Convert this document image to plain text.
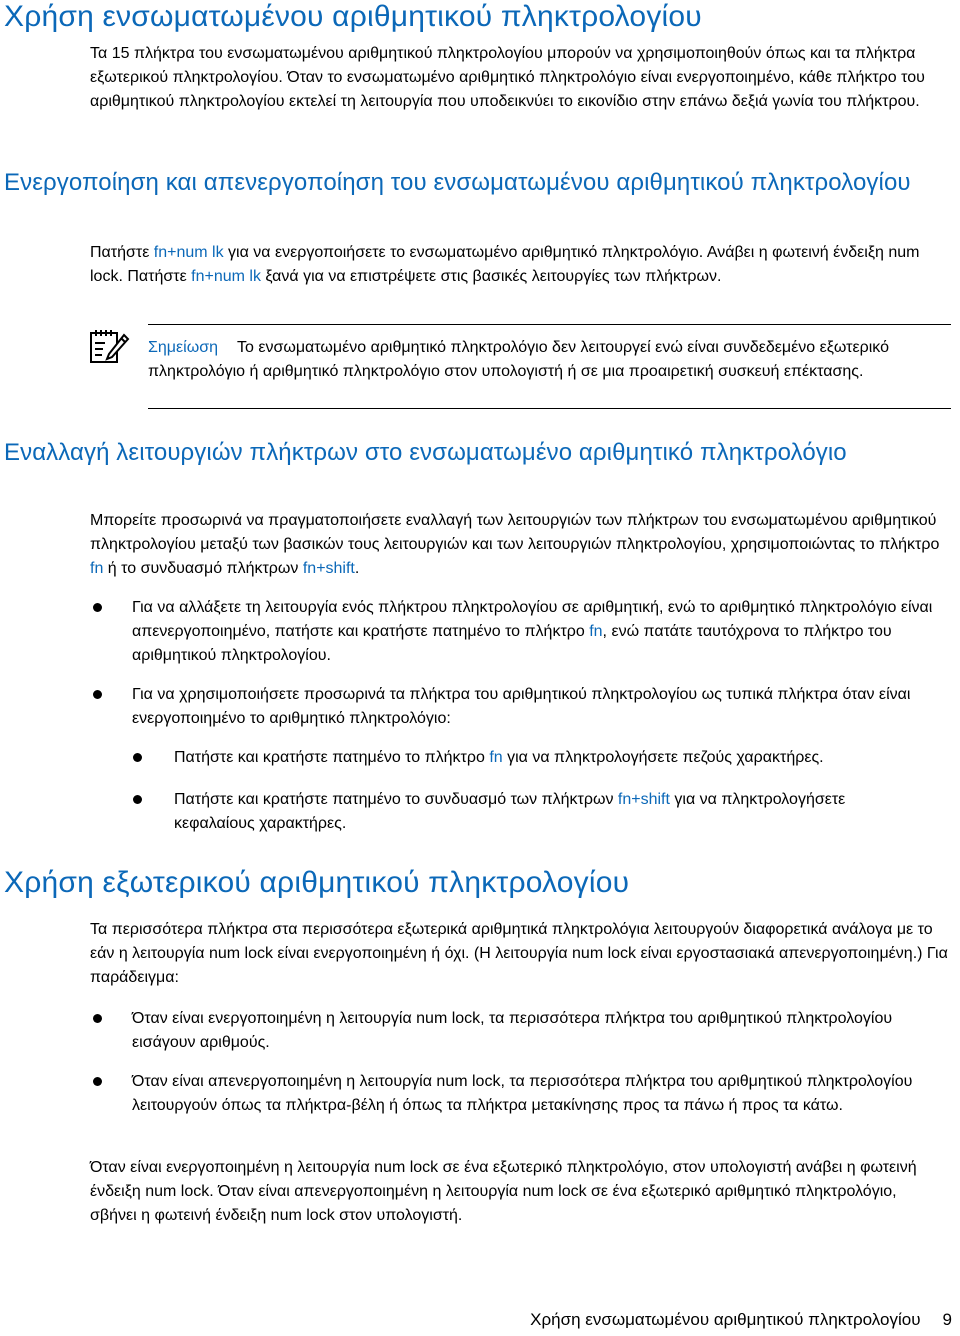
Χρήση ενσωματωμένου αριθμητικού πληκτρολογίου

Τα 15 πλήκτρα του ενσωματωμένου αριθμητικού πληκτρολογίου μπορούν να χρησιμοποιηθούν όπως και τα πλήκτρα εξωτερικού πληκτρολογίου. Όταν το ενσωματωμένο αριθμητικό πληκτρολόγιο είναι ενεργοποιημένο, κάθε πλήκτρο του αριθμητικού πληκτρολογίου εκτελεί τη λειτουργία που υποδεικνύει το εικονίδιο στην επάνω δεξιά γωνία του πλήκτρου.

Ενεργοποίηση και απενεργοποίηση του ενσωματωμένου αριθμητικού πληκτρολογίου

Πατήστε fn+num lk για να ενεργοποιήσετε το ενσωματωμένο αριθμητικό πληκτρολόγιο. Ανάβει η φωτεινή ένδειξη num lock. Πατήστε fn+num lk ξανά για να επιστρέψετε στις βασικές λειτουργίες των πλήκτρων.

Σημείωση Το ενσωματωμένο αριθμητικό πληκτρολόγιο δεν λειτουργεί ενώ είναι συνδεδεμένο εξωτερικό πληκτρολόγιο ή αριθμητικό πληκτρολόγιο στον υπολογιστή ή σε μια προαιρετική συσκευή επέκτασης.

Εναλλαγή λειτουργιών πλήκτρων στο ενσωματωμένο αριθμητικό πληκτρολόγιο

Μπορείτε προσωρινά να πραγματοποιήσετε εναλλαγή των λειτουργιών των πλήκτρων του ενσωματωμένου αριθμητικού πληκτρολογίου μεταξύ των βασικών τους λειτουργιών και των λειτουργιών πληκτρολογίου, χρησιμοποιώντας το πλήκτρο fn ή το συνδυασμό πλήκτρων fn+shift.

Για να αλλάξετε τη λειτουργία ενός πλήκτρου πληκτρολογίου σε αριθμητική, ενώ το αριθμητικό πληκτρολόγιο είναι απενεργοποιημένο, πατήστε και κρατήστε πατημένο το πλήκτρο fn, ενώ πατάτε ταυτόχρονα το πλήκτρο του αριθμητικού πληκτρολογίου.

Για να χρησιμοποιήσετε προσωρινά τα πλήκτρα του αριθμητικού πληκτρολογίου ως τυπικά πλήκτρα όταν είναι ενεργοποιημένο το αριθμητικό πληκτρολόγιο:

Πατήστε και κρατήστε πατημένο το πλήκτρο fn για να πληκτρολογήσετε πεζούς χαρακτήρες.

Πατήστε και κρατήστε πατημένο το συνδυασμό των πλήκτρων fn+shift για να πληκτρολογήσετε κεφαλαίους χαρακτήρες.

Χρήση εξωτερικού αριθμητικού πληκτρολογίου

Τα περισσότερα πλήκτρα στα περισσότερα εξωτερικά αριθμητικά πληκτρολόγια λειτουργούν διαφορετικά ανάλογα με το εάν η λειτουργία num lock είναι ενεργοποιημένη ή όχι. (Η λειτουργία num lock είναι εργοστασιακά απενεργοποιημένη.) Για παράδειγμα:

Όταν είναι ενεργοποιημένη η λειτουργία num lock, τα περισσότερα πλήκτρα του αριθμητικού πληκτρολογίου εισάγουν αριθμούς.

Όταν είναι απενεργοποιημένη η λειτουργία num lock, τα περισσότερα πλήκτρα του αριθμητικού πληκτρολογίου λειτουργούν όπως τα πλήκτρα-βέλη ή όπως τα πλήκτρα μετακίνησης προς τα πάνω ή προς τα κάτω.

Όταν είναι ενεργοποιημένη η λειτουργία num lock σε ένα εξωτερικό πληκτρολόγιο, στον υπολογιστή ανάβει η φωτεινή ένδειξη num lock. Όταν είναι απενεργοποιημένη η λειτουργία num lock σε ένα εξωτερικό αριθμητικό πληκτρολόγιο, σβήνει η φωτεινή ένδειξη num lock στον υπολογιστή.

Χρήση ενσωματωμένου αριθμητικού πληκτρολογίου 9
